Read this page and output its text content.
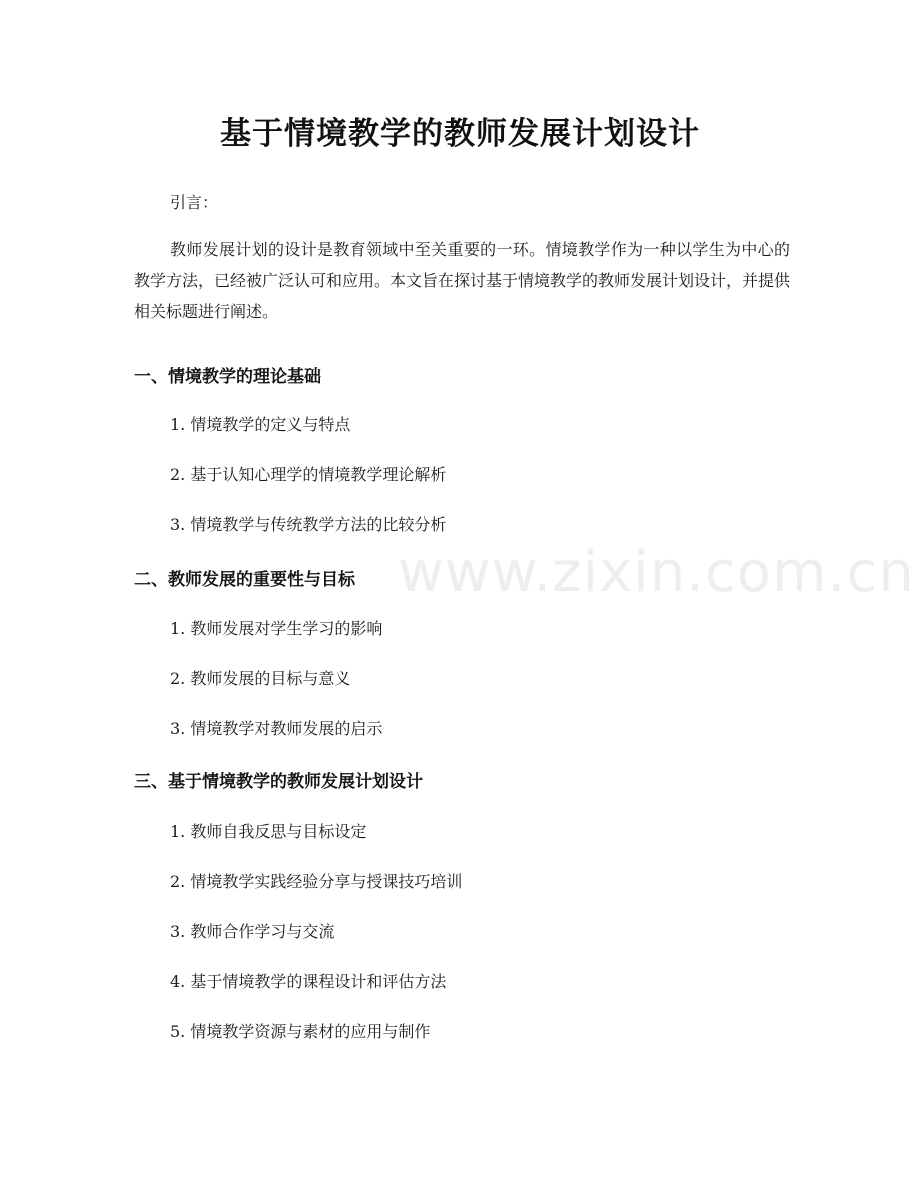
基于情境教学的教师发展计划设计
引言：
教师发展计划的设计是教育领域中至关重要的一环。情境教学作为一种以学生为中心的教学方法，已经被广泛认可和应用。本文旨在探讨基于情境教学的教师发展计划设计，并提供相关标题进行阐述。
一、情境教学的理论基础
1. 情境教学的定义与特点
2. 基于认知心理学的情境教学理论解析
3. 情境教学与传统教学方法的比较分析
二、教师发展的重要性与目标
1. 教师发展对学生学习的影响
2. 教师发展的目标与意义
3. 情境教学对教师发展的启示
三、基于情境教学的教师发展计划设计
1. 教师自我反思与目标设定
2. 情境教学实践经验分享与授课技巧培训
3. 教师合作学习与交流
4. 基于情境教学的课程设计和评估方法
5. 情境教学资源与素材的应用与制作
www.zixin.com.cn
